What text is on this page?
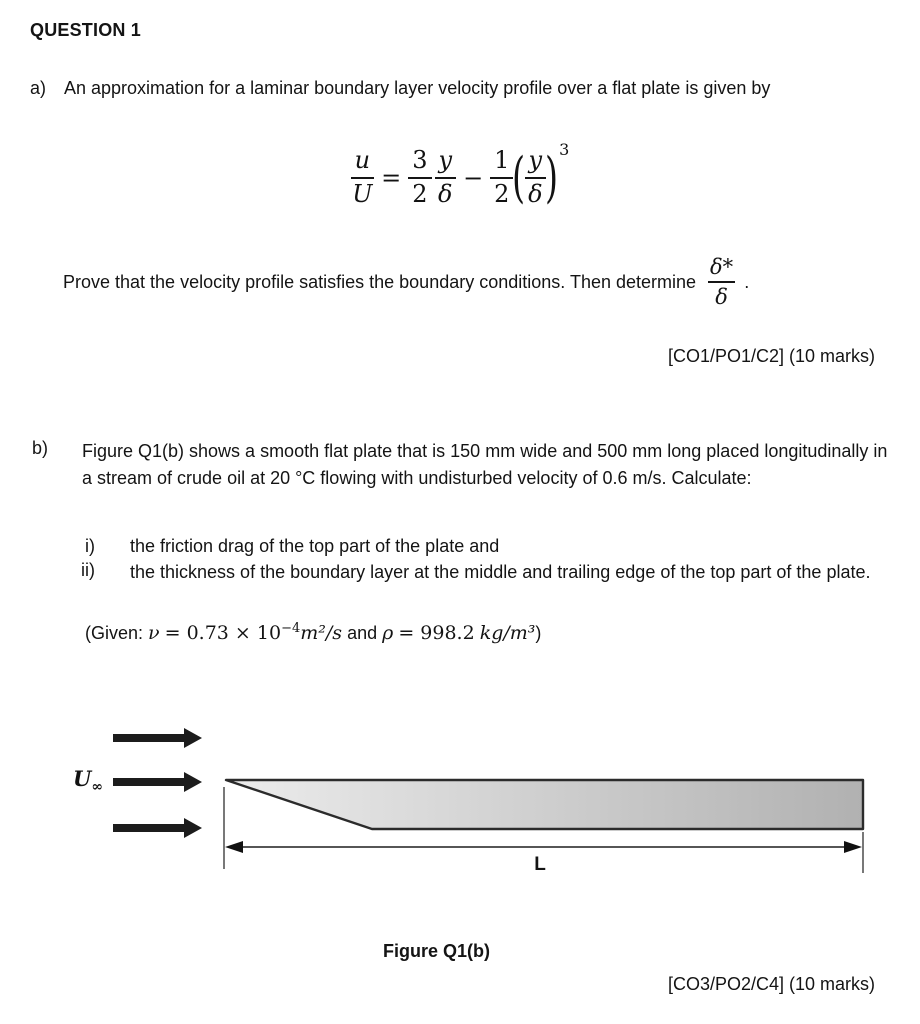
QUESTION 1
a) An approximation for a laminar boundary layer velocity profile over a flat plate is given by
$\frac{u}{U} = \frac{3}{2} \frac{y}{\delta} - \frac{1}{2}$ ( $\frac{y}{\delta}$ ) 3
Prove that the velocity profile satisfies the boundary conditions. Then determine $\frac{\delta*}{\delta}$ .
[CO1/PO1/C2] (10 marks)
b)	Figure Q1(b) shows a smooth flat plate that is 150 mm wide and 500 mm long placed longitudinally in a stream of crude oil at 20 °C flowing with undisturbed velocity of 0.6 m/s. Calculate:
i)	the friction drag of the top part of the plate and
ii)	the thickness of the boundary layer at the middle and trailing edge of the top part of the plate.
(Given: $\nu = 0.73 \times 10^{-4}m^2/s$ and ρ = 998.2 kg/m³)
$U_\infty$
L
Figure Q1(b)
[CO3/PO2/C4] (10 marks)
